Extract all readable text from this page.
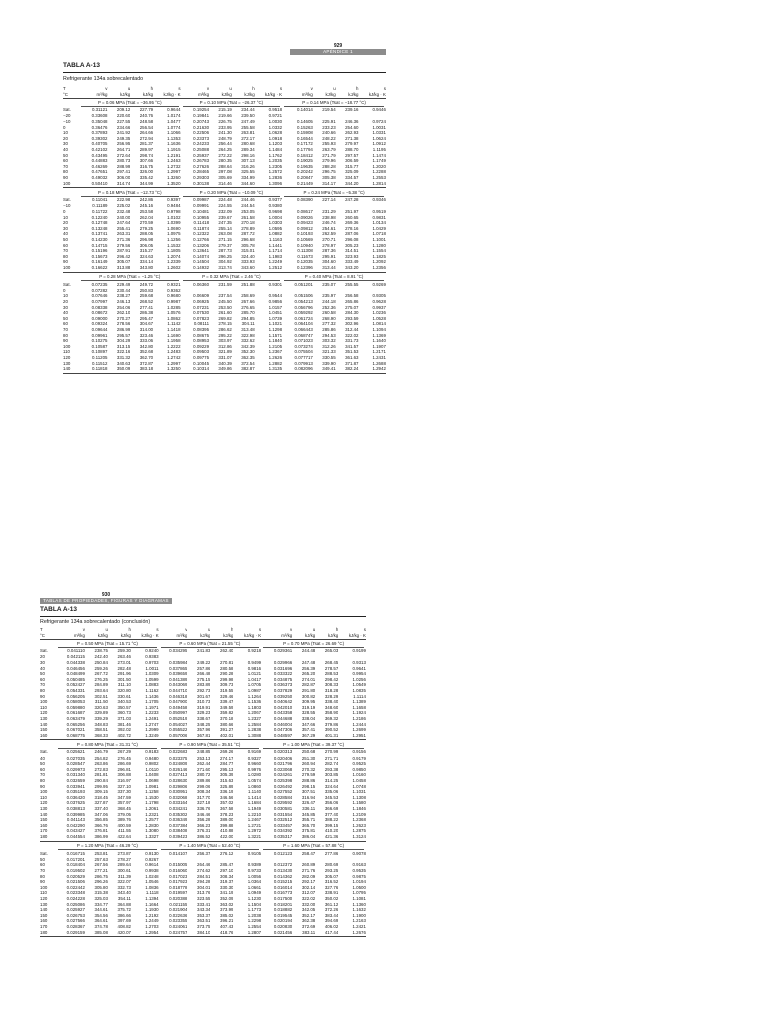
929
APÉNDICE 1
TABLA A-13
Refrigerante 134a sobrecalentado
T	v	u	h	s	v	u	h	s	v	u	h	s
°C	m³/kg	kJ/kg	kJ/kg	kJ/kg · K	m³/kg	kJ/kg	kJ/kg	kJ/kg · K	m³/kg	kJ/kg	kJ/kg	kJ/kg · K
P = 0.06 MPa (Tsat = −36.95 °C)	P = 0.10 MPa (Tsat = −26.37 °C)	P = 0.14 MPa (Tsat = −18.77 °C)
Sat.	0.31121	209.12	227.79	0.9644	0.19254	215.19	234.44	0.9518	0.14014	219.54	239.16	0.9446
−20	0.33608	220.60	240.76	1.0174	0.19841	219.66	239.50	0.9721
−10	0.35048	227.55	248.58	1.0477	0.20743	226.75	247.49	1.0030	0.14605	225.91	246.36	0.9724
0	0.36476	234.66	256.54	1.0774	0.21630	233.95	255.58	1.0332	0.15263	233.23	254.60	1.0031
10	0.37893	241.92	264.66	1.1066	0.22506	241.30	263.81	1.0628	0.15908	240.66	262.93	1.0331
20	0.39302	249.35	272.94	1.1353	0.23373	248.79	272.17	1.0918	0.16544	248.22	271.38	1.0624
30	0.40705	256.95	281.37	1.1636	0.24233	256.44	280.68	1.1203	0.17172	255.93	279.97	1.0912
40	0.42102	264.71	289.97	1.1915	0.25088	264.25	289.34	1.1484	0.17794	263.79	288.70	1.1195
50	0.43495	272.64	298.74	1.2191	0.25937	272.22	298.16	1.1762	0.18412	271.79	297.57	1.1474
60	0.44883	280.73	307.66	1.2463	0.26783	280.35	307.13	1.2035	0.19025	279.96	306.59	1.1749
70	0.46269	288.99	316.75	1.2732	0.27626	288.64	316.26	1.2305	0.19635	288.28	315.77	1.2020
80	0.47651	297.41	326.00	1.2997	0.28465	297.08	325.55	1.2572	0.20242	296.75	325.09	1.2288
90	0.49032	306.00	335.42	1.3260	0.29303	305.69	334.99	1.2836	0.20847	305.38	334.57	1.2553
100	0.50410	314.74	344.99	1.3520	0.30138	314.46	344.60	1.3096	0.21449	314.17	344.20	1.2814
P = 0.18 MPa (Tsat = −12.73 °C)	P = 0.20 MPa (Tsat = −10.09 °C)	P = 0.24 MPa (Tsat = −5.38 °C)
Sat.	0.11041	222.98	242.86	0.9397	0.09987	224.48	244.46	0.9377	0.08390	227.14	247.28	0.9346
−10	0.11189	225.02	245.16	0.9484	0.09991	224.55	244.54	0.9380
0	0.11722	232.48	253.58	0.9798	0.10481	232.09	253.05	0.9698	0.08617	231.29	251.97	0.9519
10	0.12240	240.00	262.04	1.0102	0.10955	239.67	261.58	1.0004	0.09026	238.98	260.65	0.9831
20	0.12748	247.64	270.59	1.0399	0.11418	247.35	270.18	1.0303	0.09423	246.74	269.36	1.0134
30	0.13248	255.41	279.25	1.0690	0.11874	255.14	278.89	1.0595	0.09812	254.61	278.16	1.0429
40	0.13741	263.31	288.05	1.0975	0.12322	263.08	287.72	1.0882	0.10193	262.59	287.06	1.0718
50	0.14230	271.36	296.98	1.1256	0.12766	271.15	296.68	1.1163	0.10569	270.71	296.08	1.1001
60	0.14715	279.56	306.05	1.1532	0.13206	279.37	305.78	1.1441	0.10940	278.97	305.23	1.1280
70	0.15196	287.91	315.27	1.1805	0.13641	287.73	315.01	1.1714	0.11308	287.36	314.51	1.1554
80	0.15673	296.42	324.63	1.2074	0.14074	296.25	324.40	1.1983	0.11673	295.91	323.93	1.1825
90	0.16149	305.07	334.14	1.2339	0.14504	304.92	333.93	1.2249	0.12035	304.60	333.49	1.2092
100	0.16622	313.88	343.80	1.2602	0.14932	313.74	343.60	1.2512	0.12396	313.44	343.20	1.2356
P = 0.28 MPa (Tsat = −1.25 °C)	P = 0.32 MPa (Tsat = 2.46 °C)	P = 0.40 MPa (Tsat = 8.91 °C)
Sat.	0.07235	229.49	249.72	0.9321	0.06360	231.59	251.88	0.9301	0.051201	235.07	255.55	0.9269
0	0.07282	230.44	250.83	0.9362
10	0.07646	238.27	259.68	0.9680	0.06609	237.54	258.69	0.9544	0.051506	235.97	256.58	0.9305
20	0.07997	246.13	268.52	0.9987	0.06925	245.50	267.66	0.9856	0.054213	244.18	265.86	0.9628
30	0.08338	254.06	277.41	1.0285	0.07231	253.50	276.65	1.0157	0.056796	252.36	275.07	0.9937
40	0.08672	262.10	286.38	1.0576	0.07530	261.60	285.70	1.0451	0.059292	260.58	284.30	1.0236
50	0.09000	270.27	295.47	1.0862	0.07823	269.82	294.85	1.0739	0.061724	268.90	293.59	1.0528
60	0.09324	278.56	304.67	1.1142	0.08111	278.15	304.11	1.1021	0.064104	277.32	302.96	1.0814
70	0.09644	286.99	314.00	1.1418	0.08395	286.62	313.48	1.1298	0.066443	285.86	312.44	1.1094
80	0.09961	295.57	323.46	1.1690	0.08675	295.22	322.98	1.1571	0.068747	294.53	322.02	1.1369
90	0.10275	304.29	333.06	1.1958	0.08953	303.97	332.62	1.1840	0.071023	303.32	331.73	1.1640
100	0.10587	313.15	342.80	1.2222	0.09229	312.86	342.39	1.2105	0.073274	312.26	341.57	1.1907
110	0.10897	322.16	352.68	1.2483	0.09503	321.89	352.30	1.2367	0.075504	321.33	351.53	1.2171
120	0.11205	331.32	362.70	1.2742	0.09775	331.07	362.35	1.2626	0.077717	330.55	361.63	1.2431
130	0.11512	340.63	372.87	1.2997	0.10045	340.39	372.54	1.2882	0.079913	339.90	371.87	1.2688
140	0.11818	350.09	383.18	1.3250	0.10314	349.86	382.87	1.3135	0.082096	349.41	382.24	1.2942
930
TABLAS DE PROPIEDADES, FIGURAS Y DIAGRAMAS (UNIDADES SI)
TABLA A-13
Refrigerante 134a sobrecalentado (conclusión)
T	v	u	h	s	v	u	h	s	v	u	h	s
°C	m³/kg	kJ/kg	kJ/kg	kJ/kg · K	m³/kg	kJ/kg	kJ/kg	kJ/kg · K	m³/kg	kJ/kg	kJ/kg	kJ/kg · K
P = 0.50 MPa (Tsat = 15.71 °C)	P = 0.60 MPa (Tsat = 21.55 °C)	P = 0.70 MPa (Tsat = 26.69 °C)
Sat.	0.041110	238.75	259.30	0.9240	0.034295	241.83	262.40	0.9218	0.029361	244.48	265.03	0.9199
20	0.042115	242.40	263.46	0.9383
30	0.044338	250.84	273.01	0.9703	0.035984	249.22	270.81	0.9499	0.029966	247.48	268.45	0.9313
40	0.046456	259.26	282.48	1.0011	0.037865	257.86	280.58	0.9816	0.031696	256.39	278.57	0.9641
50	0.048499	267.72	291.96	1.0309	0.039659	266.48	290.28	1.0121	0.033322	265.20	288.53	0.9954
60	0.050485	276.25	301.50	1.0599	0.041389	275.15	299.98	1.0417	0.034875	274.01	298.42	1.0256
70	0.052427	284.89	311.10	1.0883	0.043069	283.89	309.73	1.0705	0.036373	282.87	308.33	1.0549
80	0.054331	293.64	320.80	1.1162	0.044710	292.73	319.55	1.0987	0.037829	291.80	318.28	1.0835
90	0.056205	302.51	330.61	1.1436	0.046318	301.67	329.46	1.1264	0.039250	300.82	328.29	1.1114
100	0.058053	311.50	340.53	1.1705	0.047900	310.73	339.47	1.1536	0.040642	309.95	338.40	1.1389
110	0.059880	320.63	350.57	1.1971	0.049458	319.91	349.59	1.1803	0.042010	319.19	348.60	1.1658
120	0.061687	329.89	360.73	1.2233	0.050997	329.23	359.82	1.2067	0.043358	328.55	358.90	1.1924
130	0.063479	339.29	371.03	1.2491	0.052519	338.67	370.18	1.2327	0.044688	338.04	369.32	1.2186
140	0.065256	348.83	381.46	1.2747	0.054027	348.25	380.66	1.2584	0.046004	347.66	379.86	1.2444
150	0.067021	358.51	392.02	1.2999	0.055522	357.96	391.27	1.2838	0.047306	357.41	390.52	1.2699
160	0.068775	368.33	402.72	1.3249	0.057006	367.81	402.01	1.3088	0.048597	367.29	401.31	1.2951
P = 0.80 MPa (Tsat = 31.31 °C)	P = 0.90 MPa (Tsat = 35.51 °C)	P = 1.00 MPa (Tsat = 39.37 °C)
Sat.	0.025621	246.79	267.29	0.9183	0.022683	248.85	269.26	0.9169	0.020313	250.68	270.99	0.9156
40	0.027035	254.82	276.45	0.9480	0.023375	253.13	274.17	0.9327	0.020406	251.30	271.71	0.9179
50	0.028547	263.86	286.69	0.9802	0.024809	262.44	284.77	0.9660	0.021796	260.94	282.74	0.9525
60	0.029973	272.83	296.81	1.0110	0.026146	271.60	295.13	0.9976	0.023068	270.32	293.38	0.9850
70	0.031340	281.81	306.88	1.0408	0.027413	280.72	305.39	1.0280	0.024261	279.59	303.85	1.0160
80	0.032659	290.84	316.97	1.0698	0.028630	289.86	315.63	1.0574	0.025398	288.86	314.25	1.0458
90	0.033941	299.95	327.10	1.0981	0.029806	299.06	325.89	1.0860	0.026492	298.15	324.64	1.0748
100	0.035193	309.15	337.30	1.1258	0.030951	308.34	336.19	1.1140	0.027552	307.51	335.06	1.1031
110	0.036420	318.45	347.59	1.1530	0.032068	317.70	346.56	1.1414	0.028584	316.94	345.53	1.1308
120	0.037625	327.87	357.97	1.1798	0.033164	327.18	357.02	1.1684	0.029592	326.47	356.06	1.1580
130	0.038813	337.40	368.45	1.2061	0.034241	336.76	367.58	1.1949	0.030581	336.11	366.69	1.1846
140	0.039985	347.06	379.05	1.2321	0.035302	346.46	378.23	1.2210	0.031554	345.85	377.40	1.2109
150	0.041143	356.85	389.76	1.2577	0.036349	356.28	389.00	1.2467	0.032512	355.71	388.22	1.2368
160	0.042290	366.76	400.59	1.2830	0.037384	366.23	399.88	1.2721	0.033457	365.70	399.15	1.2623
170	0.043427	376.81	411.55	1.3080	0.038408	376.31	410.88	1.2972	0.034392	375.81	410.20	1.2875
180	0.044554	386.99	422.64	1.3327	0.039423	386.52	422.00	1.3221	0.035317	386.04	421.36	1.3124
P = 1.20 MPa (Tsat = 46.29 °C)	P = 1.40 MPa (Tsat = 52.40 °C)	P = 1.60 MPa (Tsat = 57.88 °C)
Sat.	0.016715	253.81	273.87	0.9130	0.014107	256.37	276.12	0.9105	0.012123	258.47	277.86	0.9078
50	0.017201	257.63	278.27	0.9267
60	0.018404	267.56	289.64	0.9614	0.015005	264.46	285.47	0.9389	0.012372	260.89	280.69	0.9163
70	0.019502	277.21	300.61	0.9938	0.016060	274.62	297.10	0.9733	0.013430	271.76	293.25	0.9535
80	0.020529	286.75	311.39	1.0248	0.017023	284.51	308.34	1.0056	0.014362	282.09	305.07	0.9875
90	0.021506	296.26	322.07	1.0546	0.017923	294.28	319.37	1.0364	0.015215	292.17	316.52	1.0194
100	0.022442	305.80	332.73	1.0836	0.018778	304.01	330.30	1.0661	0.016014	302.14	327.76	1.0500
110	0.023348	315.38	343.40	1.1118	0.019597	313.76	341.19	1.0949	0.016773	312.07	338.91	1.0795
120	0.024228	325.03	354.11	1.1394	0.020388	323.55	352.09	1.1230	0.017500	322.02	350.02	1.1081
130	0.025086	334.77	364.88	1.1664	0.021155	333.41	363.02	1.1504	0.018201	332.00	361.12	1.1360
140	0.025927	344.61	375.72	1.1930	0.021904	343.34	373.99	1.1773	0.018882	342.05	372.26	1.1632
150	0.026753	354.56	386.66	1.2192	0.022636	353.37	385.02	1.2038	0.019545	352.17	383.44	1.1900
160	0.027566	364.61	397.69	1.2449	0.023355	363.51	396.21	1.2298	0.020194	362.38	394.69	1.2163
170	0.028367	374.78	408.82	1.2703	0.024061	373.75	407.43	1.2554	0.020830	372.69	406.02	1.2421
180	0.029159	385.08	420.07	1.2954	0.024757	384.10	418.76	1.2807	0.021456	383.11	417.44	1.2676
